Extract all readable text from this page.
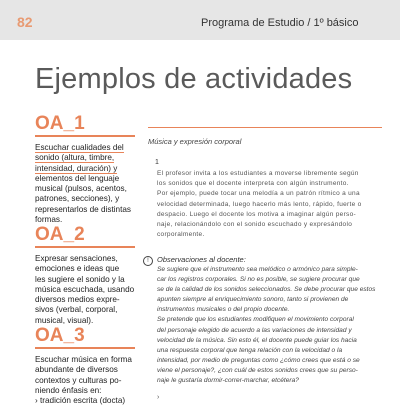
82	Programa de Estudio / 1º básico
Ejemplos de actividades
OA_1
Escuchar cualidades del
sonido (altura, timbre,
intensidad, duración) y
elementos del lenguaje
musical (pulsos, acentos,
patrones, secciones), y
representarlos de distintas
formas.
OA_2
Expresar sensaciones,
emociones e ideas que
les sugiere el sonido y la
música escuchada, usando
diversos medios expre-
sivos (verbal, corporal,
musical, visual).
OA_3
Escuchar música en forma
abundante de diversos
contextos y culturas po-
niendo énfasis en:
› tradición escrita (docta)
Música y expresión corporal
1
El profesor invita a los estudiantes a moverse libremente según
los sonidos que el docente interpreta con algún instrumento.
Por ejemplo, puede tocar una melodía a un patrón rítmico a una
velocidad determinada, luego hacerlo más lento, rápido, fuerte o
despacio. Luego el docente los motiva a imaginar algún perso-
naje, relacionándolo con el sonido escuchado y expresándolo
corporalmente.
!	Observaciones al docente:
Se sugiere que el instrumento sea melódico o armónico para simple-
car los registros corporales. Si no es posible, se sugiere procurar que
se de la calidad de los sonidos seleccionados. Se debe procurar que estos
apunten siempre al enriquecimiento sonoro, tanto si provienen de
instrumentos musicales o del propio docente.
Se pretende que los estudiantes modifiquen el movimiento corporal
del personaje elegido de acuerdo a las variaciones de intensidad y
velocidad de la música. Sin esto él, el docente puede guiar los hacia
una respuesta corporal que tenga relación con la velocidad o la
intensidad, por medio de preguntas como ¿cómo crees que está o se
viene el personaje?, ¿con cuál de estos sonidos crees que su perso-
naje le gustaría dormir-correr-marchar, etcétera?
›
